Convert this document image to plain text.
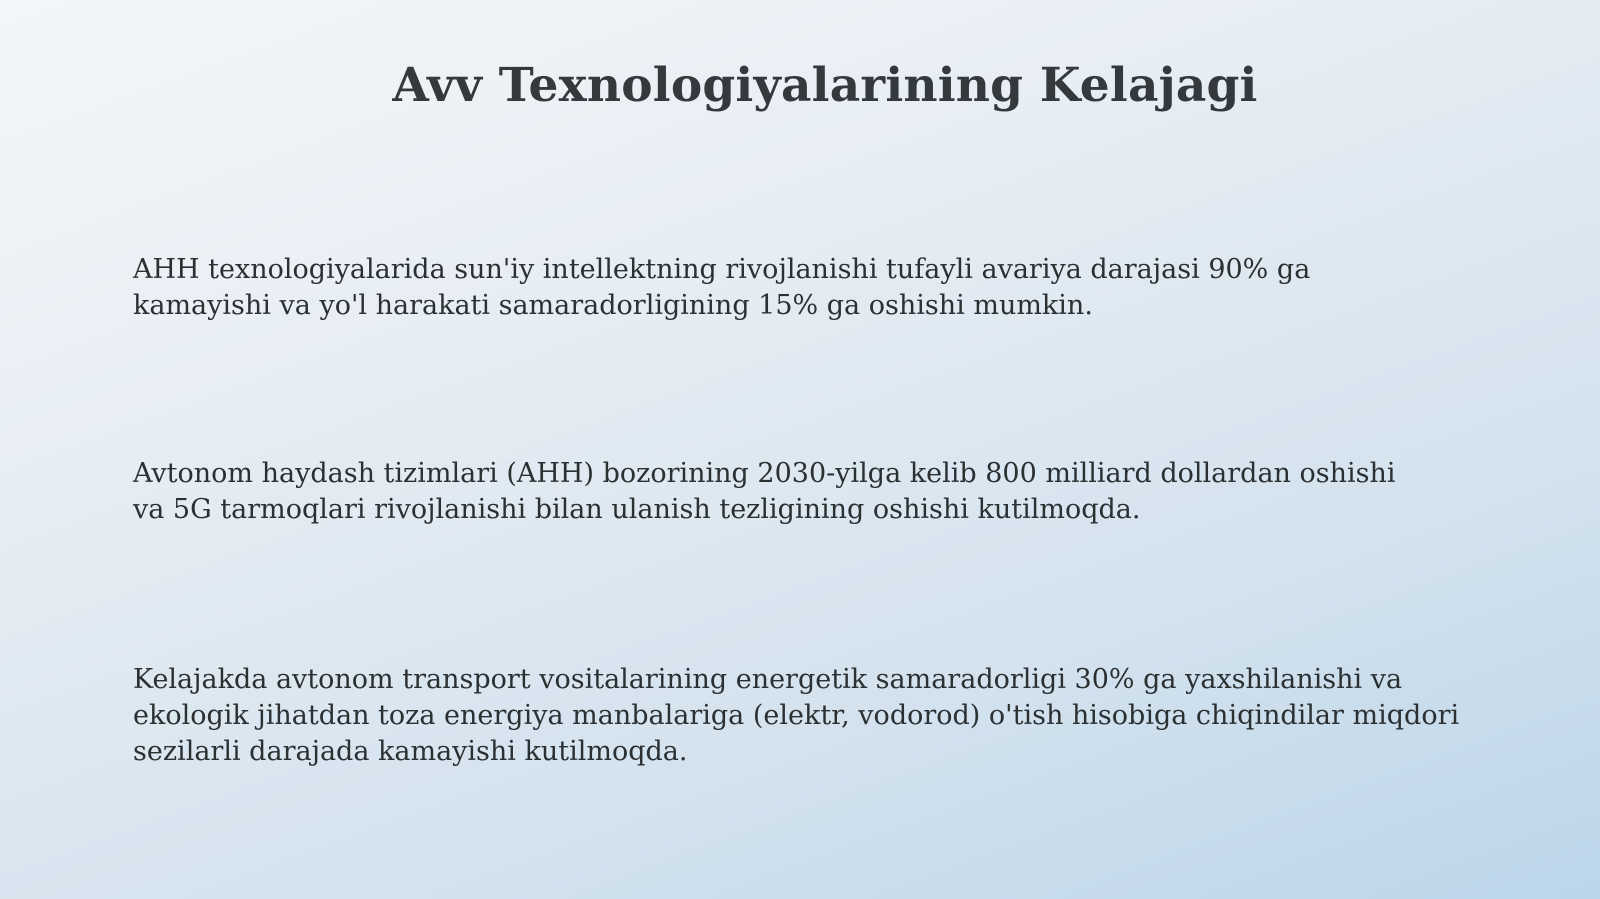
Avv Texnologiyalarining Kelajagi

AHH texnologiyalarida sun'iy intellektning rivojlanishi tufayli avariya darajasi 90% ga
kamayishi va yo'l harakati samaradorligining 15% ga oshishi mumkin.

Avtonom haydash tizimlari (AHH) bozorining 2030-yilga kelib 800 milliard dollardan oshishi
va 5G tarmoqlari rivojlanishi bilan ulanish tezligining oshishi kutilmoqda.

Kelajakda avtonom transport vositalarining energetik samaradorligi 30% ga yaxshilanishi va
ekologik jihatdan toza energiya manbalariga (elektr, vodorod) o'tish hisobiga chiqindilar miqdori
sezilarli darajada kamayishi kutilmoqda.
